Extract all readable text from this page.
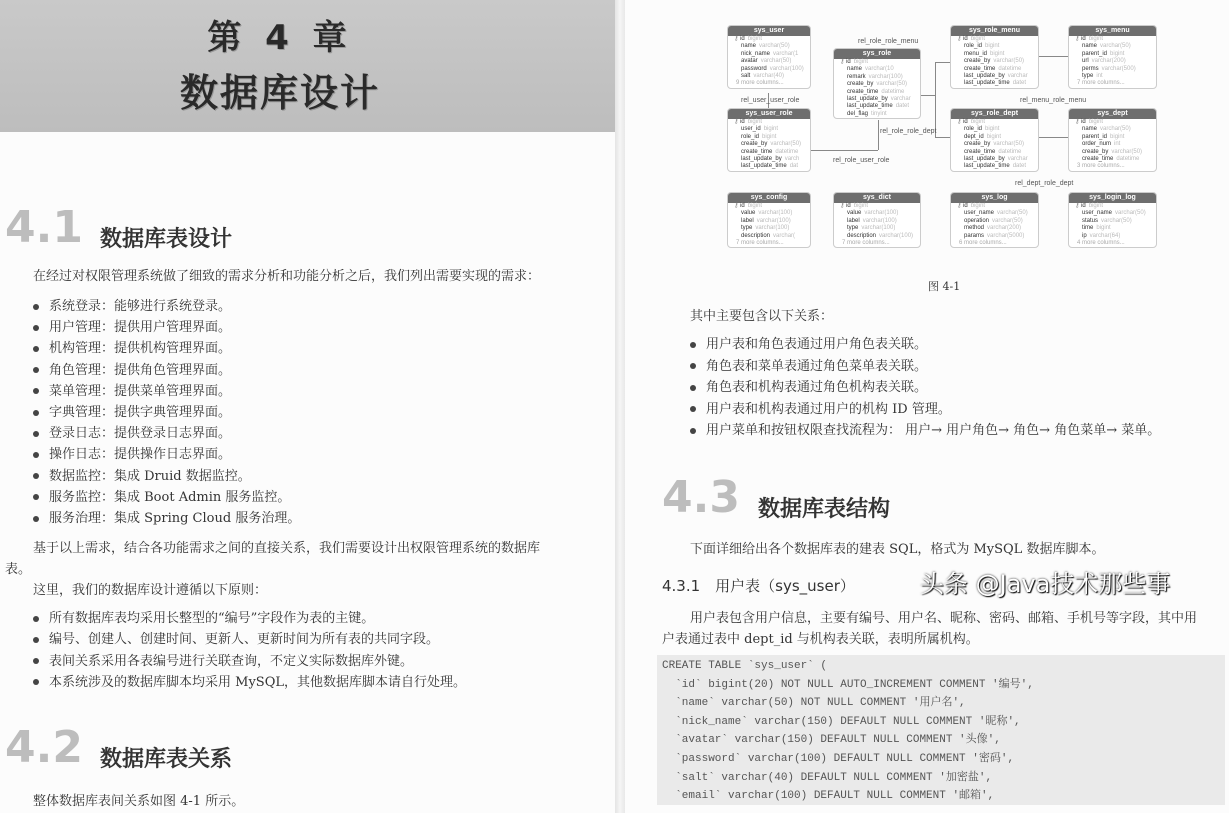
第 4 章
数据库设计
4.1 数据库表设计
在经过对权限管理系统做了细致的需求分析和功能分析之后，我们列出需要实现的需求：
系统登录：能够进行系统登录。
用户管理：提供用户管理界面。
机构管理：提供机构管理界面。
角色管理：提供角色管理界面。
菜单管理：提供菜单管理界面。
字典管理：提供字典管理界面。
登录日志：提供登录日志界面。
操作日志：提供操作日志界面。
数据监控：集成 Druid 数据监控。
服务监控：集成 Boot Admin 服务监控。
服务治理：集成 Spring Cloud 服务治理。
基于以上需求，结合各功能需求之间的直接关系，我们需要设计出权限管理系统的数据库
表。
这里，我们的数据库设计遵循以下原则：
所有数据库表均采用长整型的“编号”字段作为表的主键。
编号、创建人、创建时间、更新人、更新时间为所有表的共同字段。
表间关系采用各表编号进行关联查询，不定义实际数据库外键。
本系统涉及的数据库脚本均采用 MySQL，其他数据库脚本请自行处理。
4.2 数据库表关系
整体数据库表间关系如图 4-1 所示。
rel_user_user_role
rel_role_role_menu
rel_menu_role_menu
rel_role_role_dept
rel_dept_role_dept
rel_role_user_role
图 4-1
sys_user
⚷ id bigint
name varchar(50)
nick_name varchar(1
avatar varchar(50)
password varchar(100)
salt varchar(40)
9 more columns...
sys_role
⚷ id bigint
name varchar(10
remark varchar(100)
create_by varchar(50)
create_time datetime
last_update_by varchar
last_update_time datet
del_flag tinyint
sys_role_menu
⚷ id bigint
role_id bigint
menu_id bigint
create_by varchar(50)
create_time datetime
last_update_by varchar
last_update_time datet
sys_menu
⚷ id bigint
name varchar(50)
parent_id bigint
url varchar(200)
perms varchar(500)
type int
7 more columns...
sys_user_role
⚷ id bigint
user_id bigint
role_id bigint
create_by varchar(50)
create_time datetime
last_update_by varch
last_update_time dat
sys_role_dept
⚷ id bigint
role_id bigint
dept_id bigint
create_by varchar(50)
create_time datetime
last_update_by varchar
last_update_time datet
sys_dept
⚷ id bigint
name varchar(50)
parent_id bigint
order_num int
create_by varchar(50)
create_time datetime
3 more columns...
sys_config
⚷ id bigint
value varchar(100)
label varchar(100)
type varchar(100)
description varchar(
7 more columns...
sys_dict
⚷ id bigint
value varchar(100)
label varchar(100)
type varchar(100)
description varchar(100)
7 more columns...
sys_log
⚷ id bigint
user_name varchar(50)
operation varchar(50)
method varchar(200)
params varchar(5000)
6 more columns...
sys_login_log
⚷ id bigint
user_name varchar(50)
status varchar(50)
time bigint
ip varchar(64)
4 more columns...
其中主要包含以下关系：
用户表和角色表通过用户角色表关联。
角色表和菜单表通过角色菜单表关联。
角色表和机构表通过角色机构表关联。
用户表和机构表通过用户的机构 ID 管理。
用户菜单和按钮权限查找流程为： 用户→ 用户角色→ 角色→ 角色菜单→ 菜单。
4.3 数据库表结构
下面详细给出各个数据库表的建表 SQL，格式为 MySQL 数据库脚本。
4.3.1　用户表（sys_user）
用户表包含用户信息，主要有编号、用户名、昵称、密码、邮箱、手机号等字段，其中用
户表通过表中 dept_id 与机构表关联，表明所属机构。
CREATE TABLE `sys_user` (
`id` bigint(20) NOT NULL AUTO_INCREMENT COMMENT '编号',
`name` varchar(50) NOT NULL COMMENT '用户名',
`nick_name` varchar(150) DEFAULT NULL COMMENT '昵称',
`avatar` varchar(150) DEFAULT NULL COMMENT '头像',
`password` varchar(100) DEFAULT NULL COMMENT '密码',
`salt` varchar(40) DEFAULT NULL COMMENT '加密盐',
`email` varchar(100) DEFAULT NULL COMMENT '邮箱',
头条 @Java技术那些事
